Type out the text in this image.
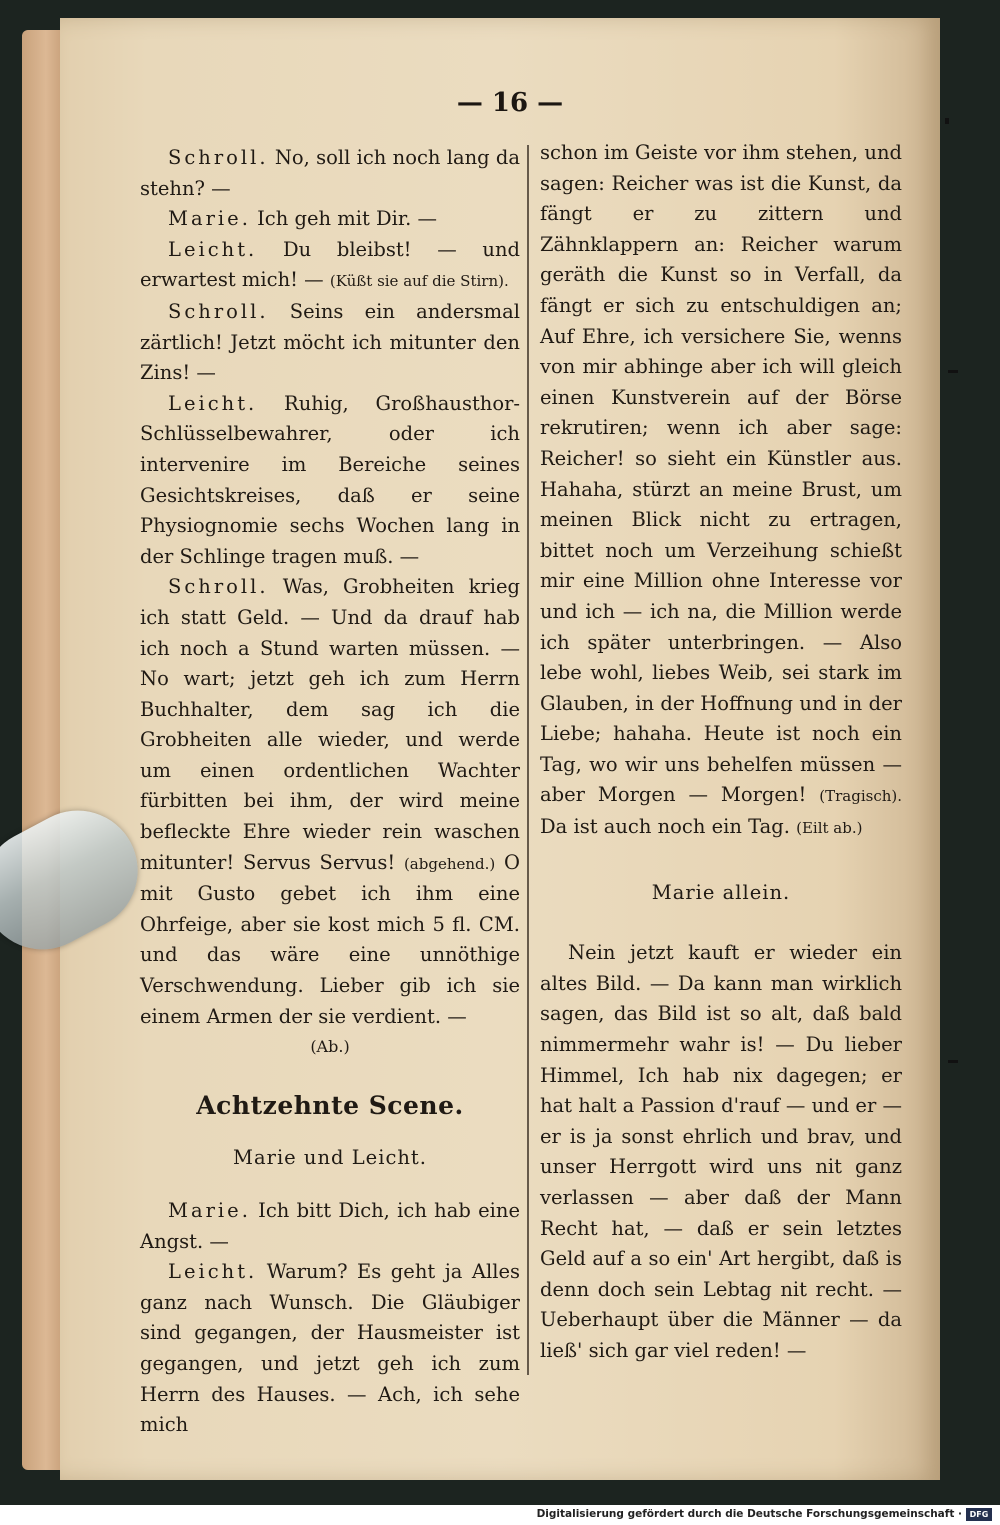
— 16 —

Schroll. No, soll ich noch lang da stehn? —

Marie. Ich geh mit Dir. —

Leicht. Du bleibst! — und erwartest mich! — (Küßt sie auf die Stirn).

Schroll. Seins ein andersmal zärtlich! Jetzt möcht ich mitunter den Zins! —

Leicht. Ruhig, Großhausthor-Schlüsselbewahrer, oder ich intervenire im Bereiche seines Gesichtskreises, daß er seine Physiognomie sechs Wochen lang in der Schlinge tragen muß. —

Schroll. Was, Grobheiten krieg ich statt Geld. — Und da drauf hab ich noch a Stund warten müssen. — No wart; jetzt geh ich zum Herrn Buchhalter, dem sag ich die Grobheiten alle wieder, und werde um einen ordentlichen Wachter fürbitten bei ihm, der wird meine befleckte Ehre wieder rein waschen mitunter! Servus Servus! (abgehend.) O mit Gusto gebet ich ihm eine Ohrfeige, aber sie kost mich 5 fl. CM. und das wäre eine unnöthige Verschwendung. Lieber gib ich sie einem Armen der sie verdient. —

(Ab.)

Achtzehnte Scene.
Marie und Leicht.

Marie. Ich bitt Dich, ich hab eine Angst. —

Leicht. Warum? Es geht ja Alles ganz nach Wunsch. Die Gläubiger sind gegangen, der Hausmeister ist gegangen, und jetzt geh ich zum Herrn des Hauses. — Ach, ich sehe mich

schon im Geiste vor ihm stehen, und sagen: Reicher was ist die Kunst, da fängt er zu zittern und Zähnklappern an: Reicher warum geräth die Kunst so in Verfall, da fängt er sich zu entschuldigen an; Auf Ehre, ich versichere Sie, wenns von mir abhinge aber ich will gleich einen Kunstverein auf der Börse rekrutiren; wenn ich aber sage: Reicher! so sieht ein Künstler aus. Hahaha, stürzt an meine Brust, um meinen Blick nicht zu ertragen, bittet noch um Verzeihung schießt mir eine Million ohne Interesse vor und ich — ich na, die Million werde ich später unterbringen. — Also lebe wohl, liebes Weib, sei stark im Glauben, in der Hoffnung und in der Liebe; hahaha. Heute ist noch ein Tag, wo wir uns behelfen müssen — aber Morgen — Morgen! (Tragisch). Da ist auch noch ein Tag. (Eilt ab.)

Marie allein.

Nein jetzt kauft er wieder ein altes Bild. — Da kann man wirklich sagen, das Bild ist so alt, daß bald nimmermehr wahr is! — Du lieber Himmel, Ich hab nix dagegen; er hat halt a Passion d'rauf — und er — er is ja sonst ehrlich und brav, und unser Herrgott wird uns nit ganz verlassen — aber daß der Mann Recht hat, — daß er sein letztes Geld auf a so ein' Art hergibt, daß is denn doch sein Lebtag nit recht. — Ueberhaupt über die Männer — da ließ' sich gar viel reden! —

Digitalisierung gefördert durch die Deutsche Forschungsgemeinschaft · DFG
